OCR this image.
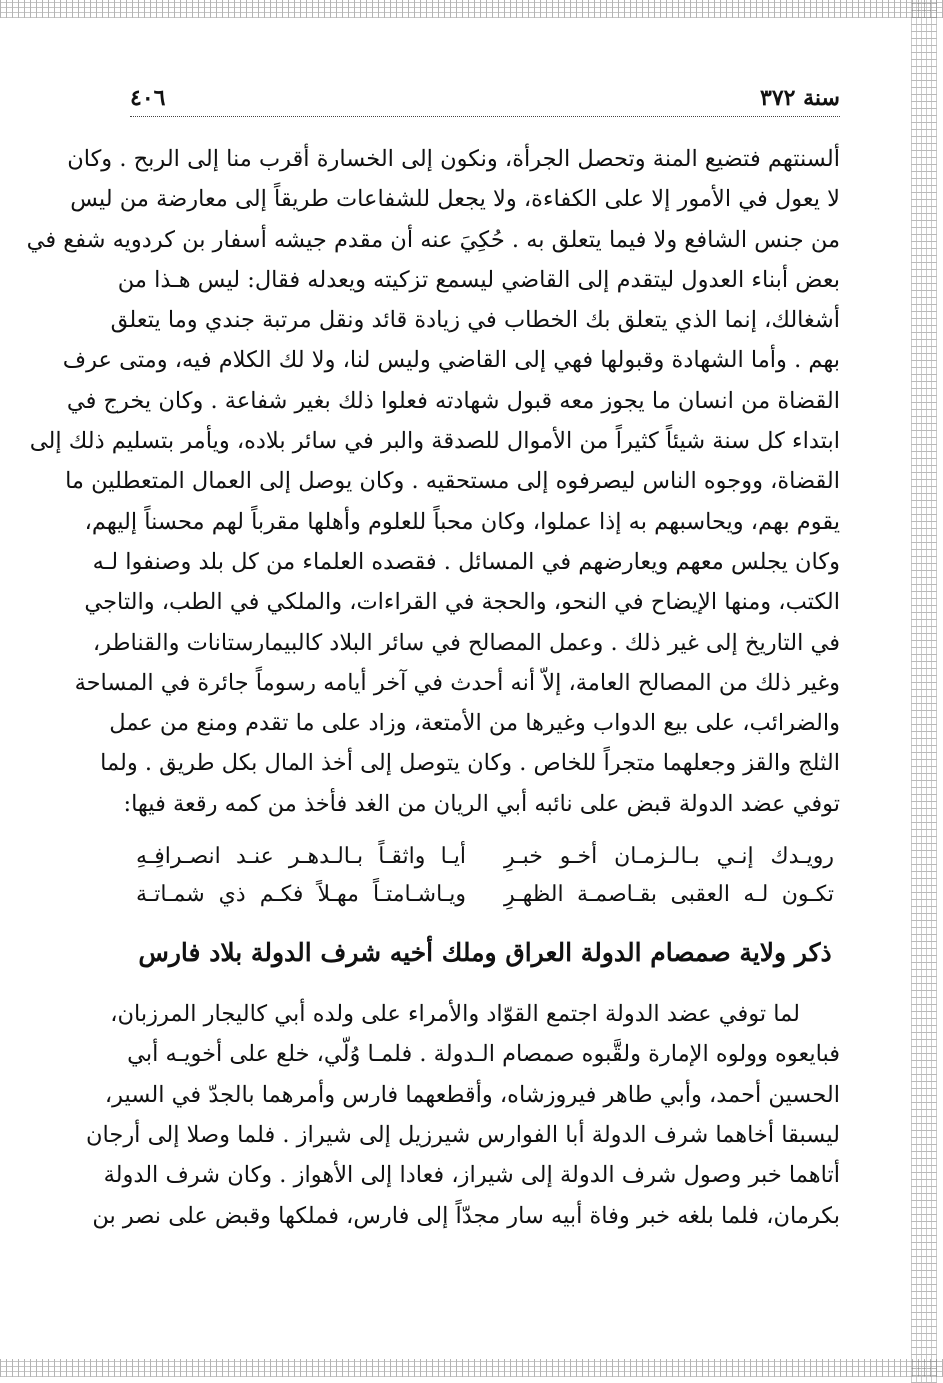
سنة ٣٧٢
٤٠٦
ألسنتهم فتضيع المنة وتحصل الجرأة، ونكون إلى الخسارة أقرب منا إلى الربح . وكان
لا يعول في الأمور إلا على الكفاءة، ولا يجعل للشفاعات طريقاً إلى معارضة من ليس
من جنس الشافع ولا فيما يتعلق به . حُكِيَ عنه أن مقدم جيشه أسفار بن كردويه شفع في
بعض أبناء العدول ليتقدم إلى القاضي ليسمع تزكيته ويعدله فقال: ليس هـذا من
أشغالك، إنما الذي يتعلق بك الخطاب في زيادة قائد ونقل مرتبة جندي وما يتعلق
بهم . وأما الشهادة وقبولها فهي إلى القاضي وليس لنا، ولا لك الكلام فيه، ومتى عرف
القضاة من انسان ما يجوز معه قبول شهادته فعلوا ذلك بغير شفاعة . وكان يخرج في
ابتداء كل سنة شيئاً كثيراً من الأموال للصدقة والبر في سائر بلاده، ويأمر بتسليم ذلك إلى
القضاة، ووجوه الناس ليصرفوه إلى مستحقيه . وكان يوصل إلى العمال المتعطلين ما
يقوم بهم، ويحاسبهم به إذا عملوا، وكان محباً للعلوم وأهلها مقرباً لهم محسناً إليهم،
وكان يجلس معهم ويعارضهم في المسائل . فقصده العلماء من كل بلد وصنفوا لـه
الكتب، ومنها الإيضاح في النحو، والحجة في القراءات، والملكي في الطب، والتاجي
في التاريخ إلى غير ذلك . وعمل المصالح في سائر البلاد كالبيمارستانات والقناطر،
وغير ذلك من المصالح العامة، إلاّ أنه أحدث في آخر أيامه رسوماً جائرة في المساحة
والضرائب، على بيع الدواب وغيرها من الأمتعة، وزاد على ما تقدم ومنع من عمل
الثلج والقز وجعلهما متجراً للخاص . وكان يتوصل إلى أخذ المال بكل طريق . ولما
توفي عضد الدولة قبض على نائبه أبي الريان من الغد فأخذ من كمه رقعة فيها:
رويـدك إنـي بـالـزمـان أخـو خبـرِ
أيـا واثقـاً بـالـدهـر عنـد انصـرافِـهِ
تكـون لـه العقبى بقـاصمـة الظهـرِ
ويـاشـامتـاً مهـلاً فكـم ذي شمـاتـة
ذكر ولاية صمصام الدولة العراق وملك أخيه شرف الدولة بلاد فارس
لما توفي عضد الدولة اجتمع القوّاد والأمراء على ولده أبي كاليجار المرزبان،
فبايعوه وولوه الإمارة ولقَّبوه صمصام الـدولة . فلمـا وُلّي، خلع على أخويـه أبي
الحسين أحمد، وأبي طاهر فيروزشاه، وأقطعهما فارس وأمرهما بالجدّ في السير،
ليسبقا أخاهما شرف الدولة أبا الفوارس شيرزيل إلى شيراز . فلما وصلا إلى أرجان
أتاهما خبر وصول شرف الدولة إلى شيراز، فعادا إلى الأهواز . وكان شرف الدولة
بكرمان، فلما بلغه خبر وفاة أبيه سار مجدّاً إلى فارس، فملكها وقبض على نصر بن
